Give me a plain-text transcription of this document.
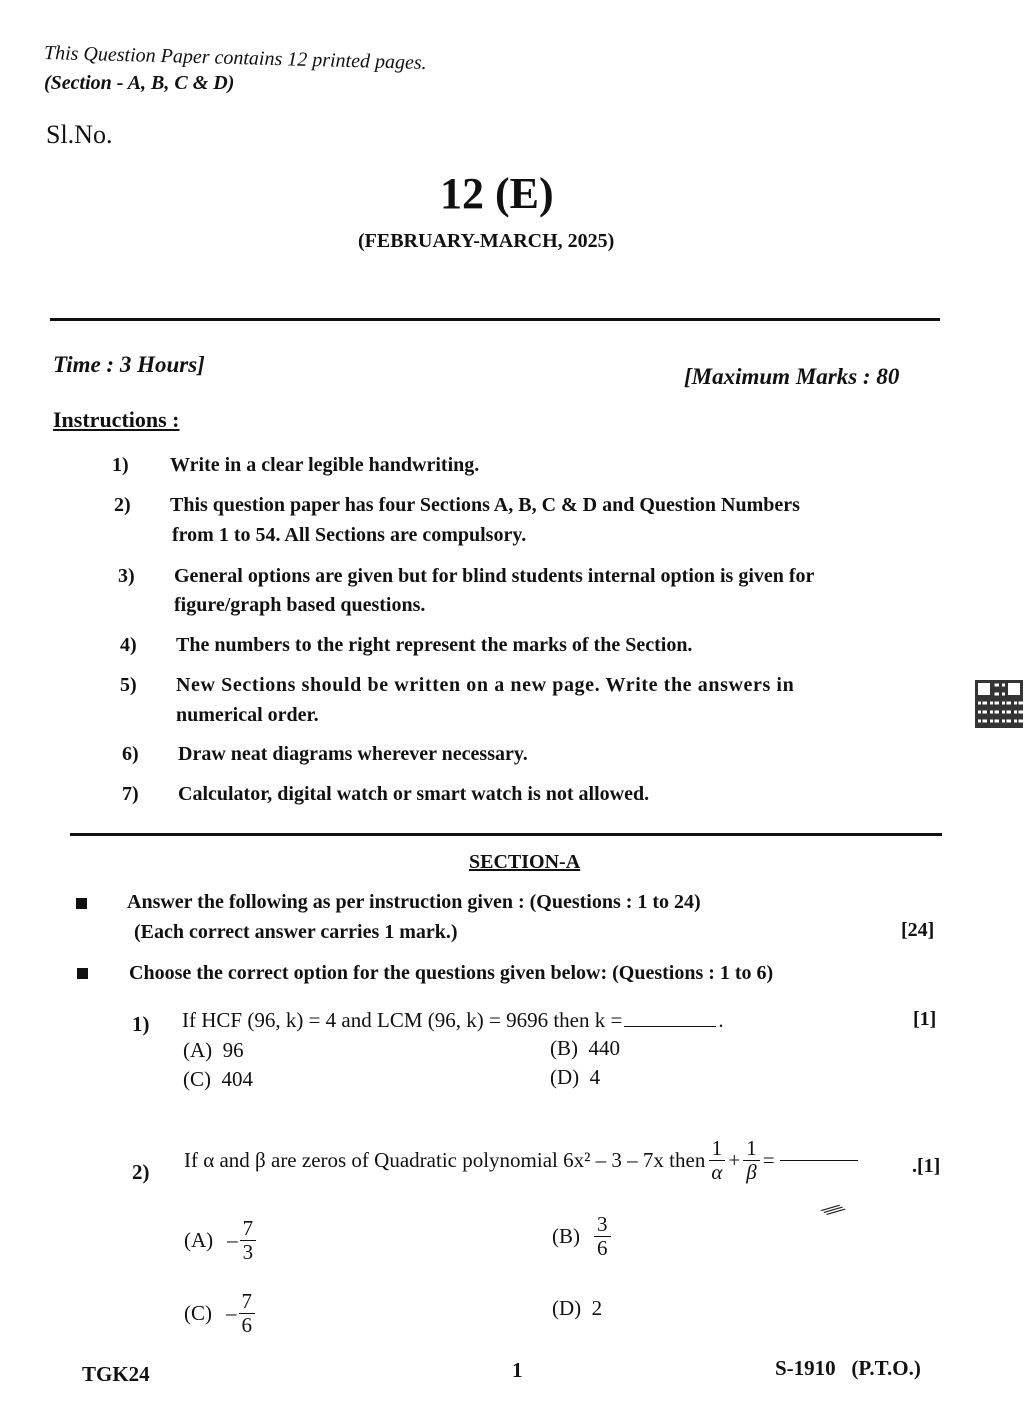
This Question Paper contains 12 printed pages.
(Section - A, B, C & D)
Sl.No.
12 (E)
(FEBRUARY-MARCH, 2025)
Time : 3 Hours]	[Maximum Marks : 80
Instructions :
1) Write in a clear legible handwriting.
2) This question paper has four Sections A, B, C & D and Question Numbers
from 1 to 54. All Sections are compulsory.
3) General options are given but for blind students internal option is given for
figure/graph based questions.
4) The numbers to the right represent the marks of the Section.
5) New Sections should be written on a new page. Write the answers in
numerical order.
6) Draw neat diagrams wherever necessary.
7) Calculator, digital watch or smart watch is not allowed.
SECTION-A
Answer the following as per instruction given : (Questions : 1 to 24)
(Each correct answer carries 1 mark.)	[24]
Choose the correct option for the questions given below: (Questions : 1 to 6)
1) If HCF (96, k) = 4 and LCM (96, k) = 9696 then k =	.	[1]
(A) 96	(B) 440
(C) 404	(D) 4
2)
If α and β are zeros of Quadratic polynomial 6x² – 3 – 7x then $\frac{1}{\alpha} + \frac{1}{\beta}$ =	.[1]
$(A) - \frac{7}{3}$	$(B) \frac{3}{6}$
$(C) - \frac{7}{6}$	(D) 2
⁄⁄⁄
TGK24	1	S-1910   (P.T.O.)
